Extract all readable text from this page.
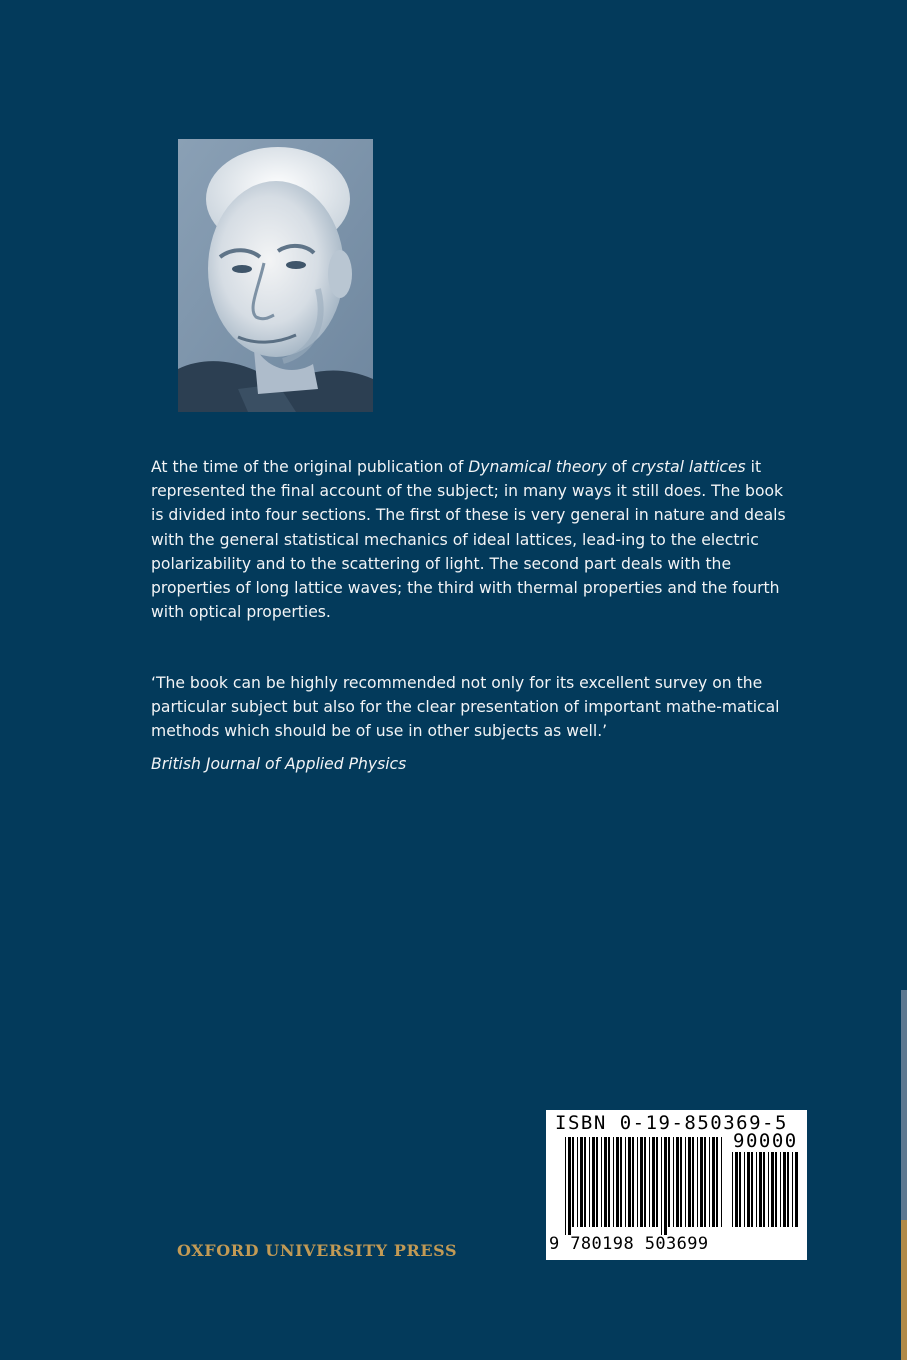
At the time of the original publication of Dynamical theory of crystal lattices it represented the final account of the subject; in many ways it still does. The book is divided into four sections. The first of these is very general in nature and deals with the general statistical mechanics of ideal lattices, lead-ing to the electric polarizability and to the scattering of light. The second part deals with the properties of long lattice waves; the third with thermal properties and the fourth with optical properties.

‘The book can be highly recommended not only for its excellent survey on the particular subject but also for the clear presentation of important mathe-matical methods which should be of use in other subjects as well.’

British Journal of Applied Physics

OXFORD UNIVERSITY PRESS

ISBN 0-19-850369-5
90000
9 780198 503699
